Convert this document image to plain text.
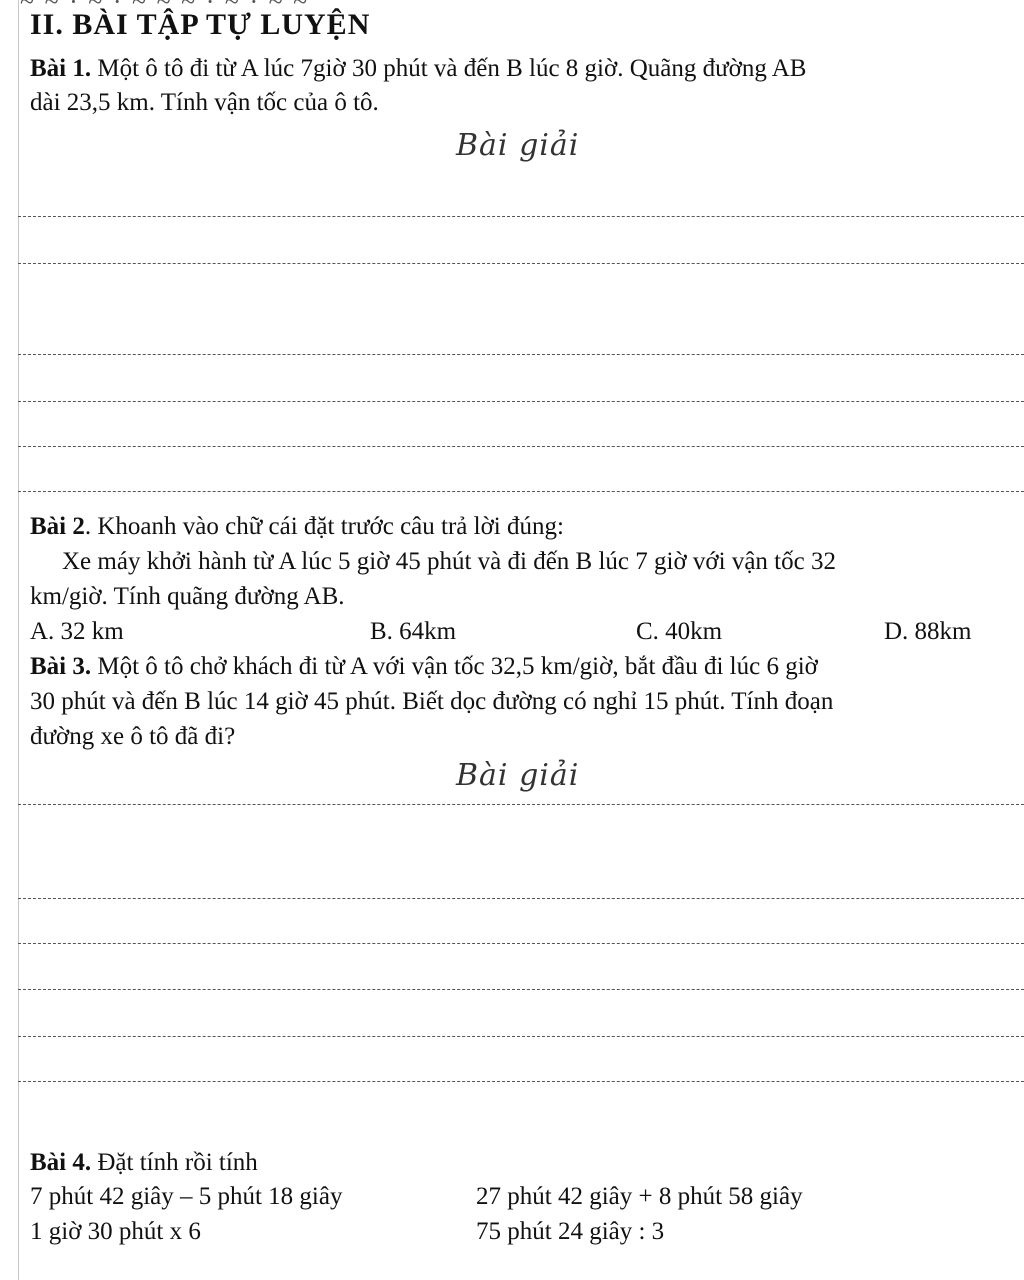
II. BÀI TẬP TỰ LUYỆN
Bài 1. Một ô tô đi từ A lúc 7giờ 30 phút và đến B lúc 8 giờ. Quãng đường AB
dài 23,5 km. Tính vận tốc của ô tô.
Bài giải
Bài 2. Khoanh vào chữ cái đặt trước câu trả lời đúng:
Xe máy khởi hành từ A lúc 5 giờ 45 phút và đi đến B lúc 7 giờ với vận tốc 32
km/giờ. Tính quãng đường AB.
A. 32 km	B. 64km	C. 40km	D. 88km
Bài 3. Một ô tô chở khách đi từ A với vận tốc 32,5 km/giờ, bắt đầu đi lúc 6 giờ
30 phút và đến B lúc 14 giờ 45 phút. Biết dọc đường có nghỉ 15 phút. Tính đoạn
đường xe ô tô đã đi?
Bài giải
Bài 4. Đặt tính rồi tính
7 phút 42 giây – 5 phút 18 giây	27 phút 42 giây + 8 phút 58 giây
1 giờ 30 phút x 6	75 phút 24 giây : 3
